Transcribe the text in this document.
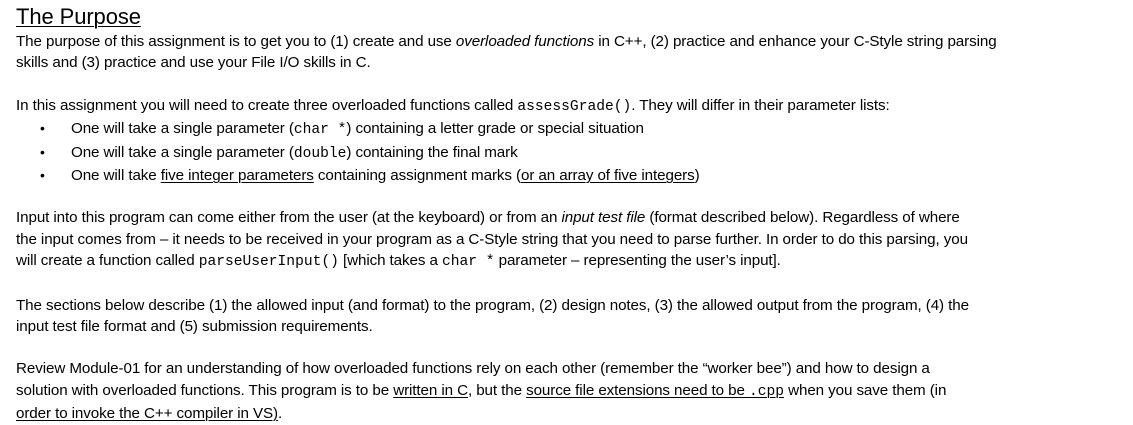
The Purpose

The purpose of this assignment is to get you to (1) create and use overloaded functions in C++, (2) practice and enhance your C-Style string parsing
skills and (3) practice and use your File I/O skills in C.

In this assignment you will need to create three overloaded functions called assessGrade(). They will differ in their parameter lists:

• One will take a single parameter (char *) containing a letter grade or special situation
• One will take a single parameter (double) containing the final mark
• One will take five integer parameters containing assignment marks (or an array of five integers)

Input into this program can come either from the user (at the keyboard) or from an input test file (format described below). Regardless of where
the input comes from – it needs to be received in your program as a C-Style string that you need to parse further. In order to do this parsing, you
will create a function called parseUserInput() [which takes a char * parameter – representing the user’s input].

The sections below describe (1) the allowed input (and format) to the program, (2) design notes, (3) the allowed output from the program, (4) the
input test file format and (5) submission requirements.

Review Module-01 for an understanding of how overloaded functions rely on each other (remember the “worker bee”) and how to design a
solution with overloaded functions. This program is to be written in C, but the source file extensions need to be .cpp when you save them (in
order to invoke the C++ compiler in VS).
